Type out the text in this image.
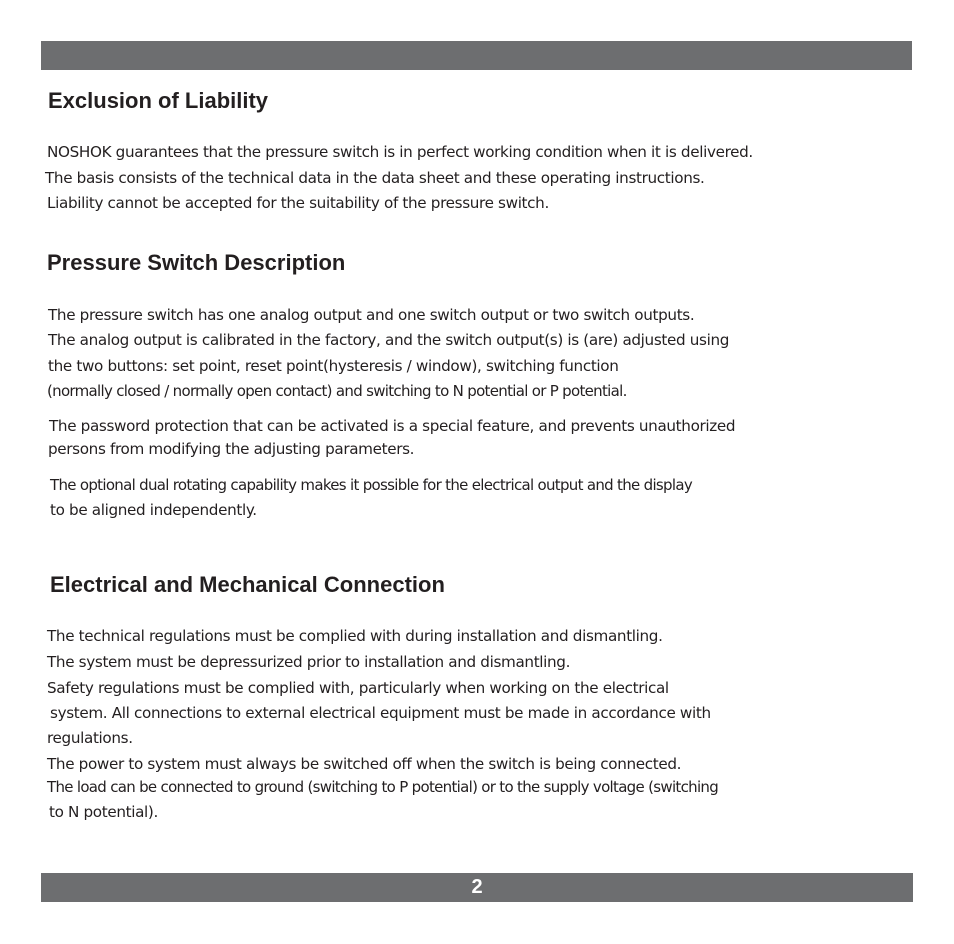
Exclusion of Liability

NOSHOK guarantees that the pressure switch is in perfect working condition when it is delivered.

The basis consists of the technical data in the data sheet and these operating instructions.

Liability cannot be accepted for the suitability of the pressure switch.

Pressure Switch Description

The pressure switch has one analog output and one switch output or two switch outputs.

The analog output is calibrated in the factory, and the switch output(s) is (are) adjusted using

the two buttons: set point, reset point(hysteresis / window), switching function

(normally closed / normally open contact) and switching to N potential or P potential.

The password protection that can be activated is a special feature, and prevents unauthorized

persons from modifying the adjusting parameters.

The optional dual rotating capability makes it possible for the electrical output and the display

to be aligned independently.

Electrical and Mechanical Connection

The technical regulations must be complied with during installation and dismantling.

The system must be depressurized prior to installation and dismantling.

Safety regulations must be complied with, particularly when working on the electrical

system. All connections to external electrical equipment must be made in accordance with

regulations.

The power to system must always be switched off when the switch is being connected.

The load can be connected to ground (switching to P potential) or to the supply voltage (switching

to N potential).

2
